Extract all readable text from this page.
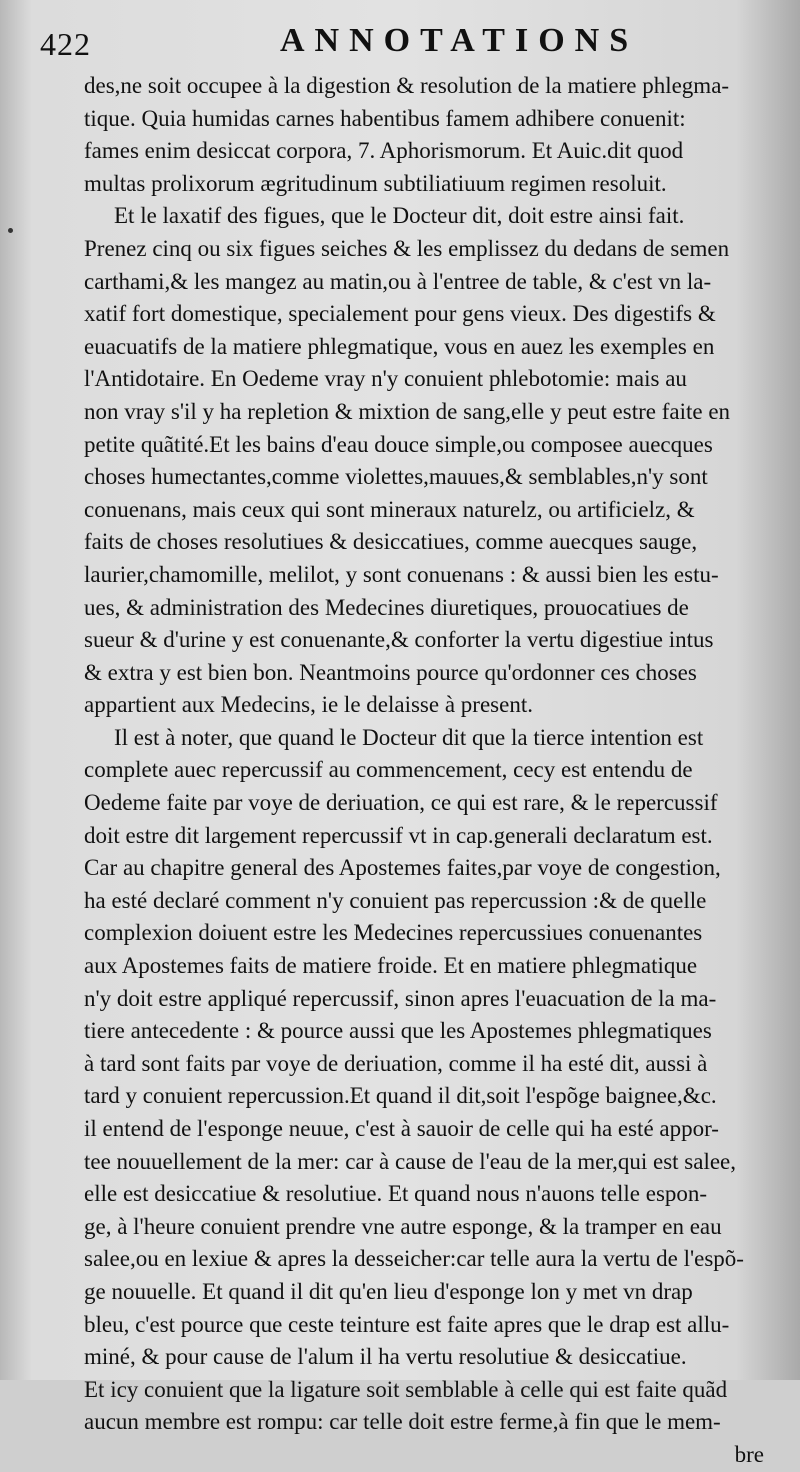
422	ANNOTATIONS
des,ne soit occupee à la digestion & resolution de la matiere phlegma-
tique. Quia humidas carnes habentibus famem adhibere conuenit:
fames enim desiccat corpora, 7. Aphorismorum. Et Auic.dit quod
multas prolixorum ægritudinum subtiliatiuum regimen resoluit.
Et le laxatif des figues, que le Docteur dit, doit estre ainsi fait.
Prenez cinq ou six figues seiches & les emplissez du dedans de semen
carthami,& les mangez au matin,ou à l'entree de table, & c'est vn la-
xatif fort domestique, specialement pour gens vieux. Des digestifs &
euacuatifs de la matiere phlegmatique, vous en auez les exemples en
l'Antidotaire. En Oedeme vray n'y conuient phlebotomie: mais au
non vray s'il y ha repletion & mixtion de sang,elle y peut estre faite en
petite quãtité.Et les bains d'eau douce simple,ou composee auecques
choses humectantes,comme violettes,mauues,& semblables,n'y sont
conuenans, mais ceux qui sont mineraux naturelz, ou artificielz, &
faits de choses resolutiues & desiccatiues, comme auecques sauge,
laurier,chamomille, melilot, y sont conuenans : & aussi bien les estu-
ues, & administration des Medecines diuretiques, prouocatiues de
sueur & d'urine y est conuenante,& conforter la vertu digestiue intus
& extra y est bien bon. Neantmoins pource qu'ordonner ces choses
appartient aux Medecins, ie le delaisse à present.
Il est à noter, que quand le Docteur dit que la tierce intention est
complete auec repercussif au commencement, cecy est entendu de
Oedeme faite par voye de deriuation, ce qui est rare, & le repercussif
doit estre dit largement repercussif vt in cap.generali declaratum est.
Car au chapitre general des Apostemes faites,par voye de congestion,
ha esté declaré comment n'y conuient pas repercussion :& de quelle
complexion doiuent estre les Medecines repercussiues conuenantes
aux Apostemes faits de matiere froide. Et en matiere phlegmatique
n'y doit estre appliqué repercussif, sinon apres l'euacuation de la ma-
tiere antecedente : & pource aussi que les Apostemes phlegmatiques
à tard sont faits par voye de deriuation, comme il ha esté dit, aussi à
tard y conuient repercussion.Et quand il dit,soit l'espõge baignee,&c.
il entend de l'esponge neuue, c'est à sauoir de celle qui ha esté appor-
tee nouuellement de la mer: car à cause de l'eau de la mer,qui est salee,
elle est desiccatiue & resolutiue. Et quand nous n'auons telle espon-
ge, à l'heure conuient prendre vne autre esponge, & la tramper en eau
salee,ou en lexiue & apres la desseicher:car telle aura la vertu de l'espõ-
ge nouuelle. Et quand il dit qu'en lieu d'esponge lon y met vn drap
bleu, c'est pource que ceste teinture est faite apres que le drap est allu-
miné, & pour cause de l'alum il ha vertu resolutiue & desiccatiue.
Et icy conuient que la ligature soit semblable à celle qui est faite quãd
aucun membre est rompu: car telle doit estre ferme,à fin que le mem-
bre
